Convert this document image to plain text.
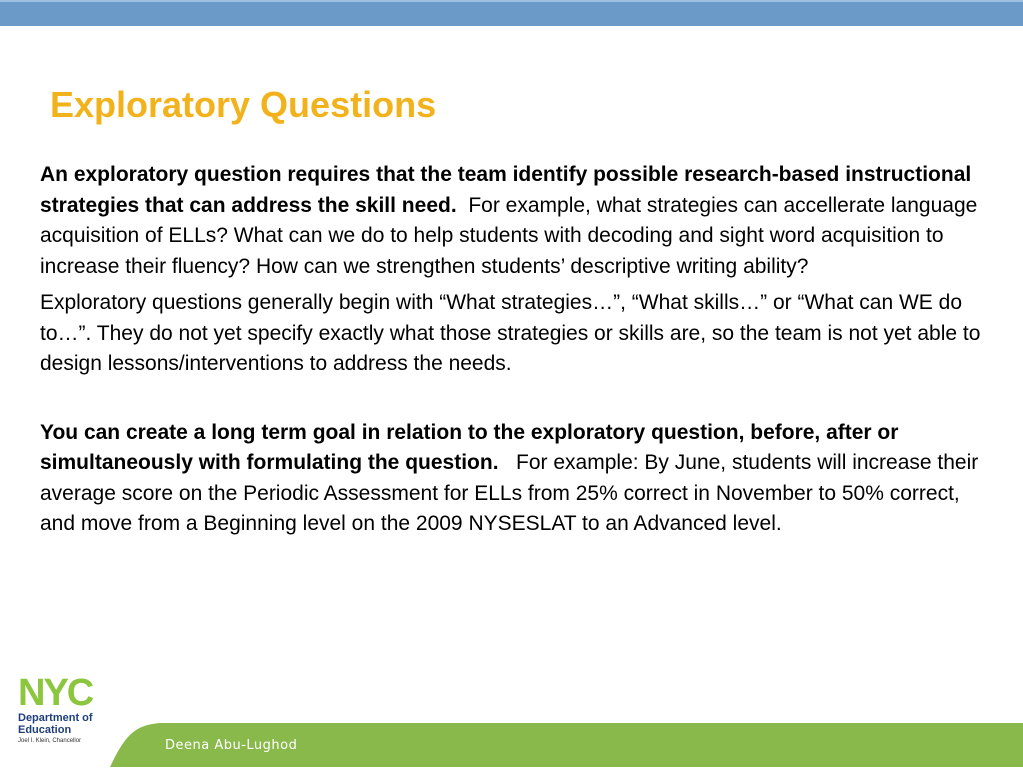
Exploratory Questions

An exploratory question requires that the team identify possible research-based instructional strategies that can address the skill need. For example, what strategies can accellerate language acquisition of ELLs? What can we do to help students with decoding and sight word acquisition to increase their fluency? How can we strengthen students’ descriptive writing ability?

Exploratory questions generally begin with “What strategies…”, “What skills…” or “What can WE do to…”. They do not yet specify exactly what those strategies or skills are, so the team is not yet able to design lessons/interventions to address the needs.

You can create a long term goal in relation to the exploratory question, before, after or simultaneously with formulating the question. For example: By June, students will increase their average score on the Periodic Assessment for ELLs from 25% correct in November to 50% correct, and move from a Beginning level on the 2009 NYSESLAT to an Advanced level.

Deena Abu-Lughod
NYC
Department of Education
Joel I. Klein, Chancellor
